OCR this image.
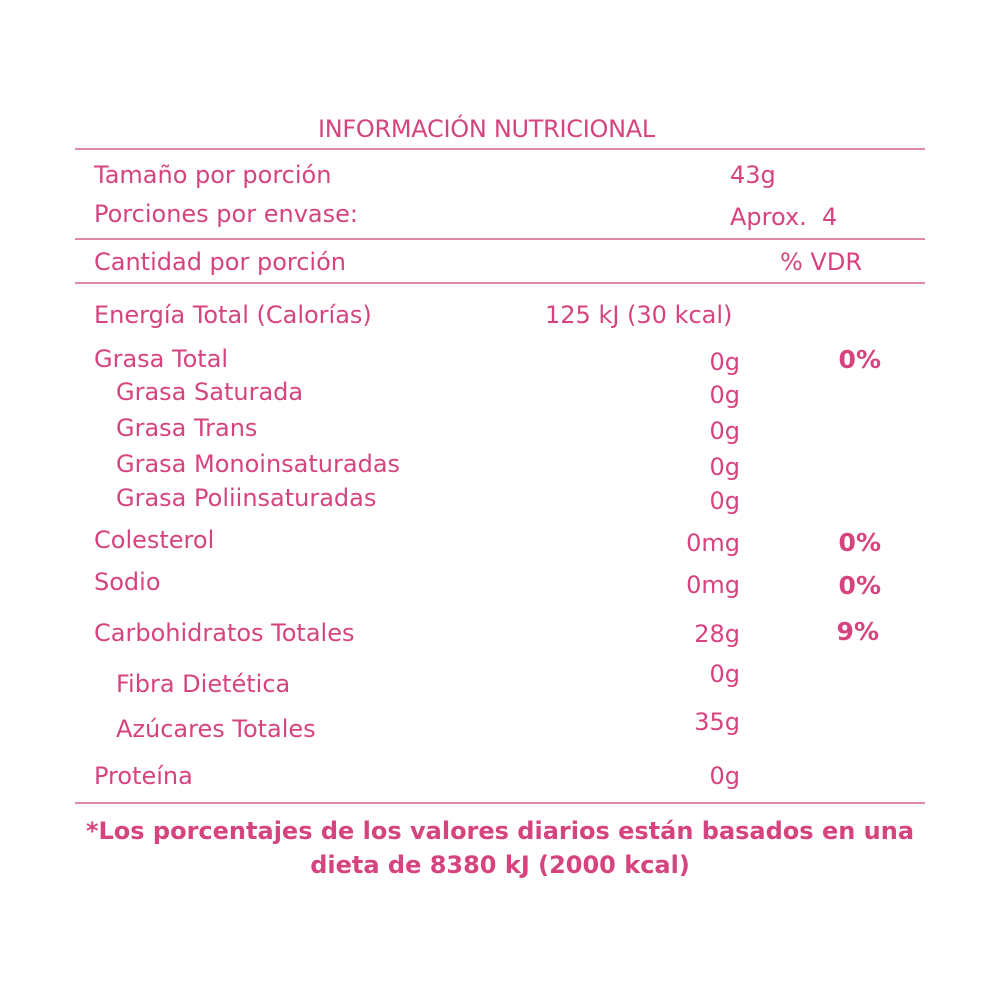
INFORMACIÓN NUTRICIONAL
Tamaño por porción	43g
Porciones por envase:	Aprox.  4
Cantidad por porción	% VDR
Energía Total (Calorías)	125 kJ (30 kcal)
Grasa Total	0g	0%
Grasa Saturada	0g
Grasa Trans	0g
Grasa Monoinsaturadas	0g
Grasa Poliinsaturadas	0g
Colesterol	0mg	0%
Sodio	0mg	0%
Carbohidratos Totales	28g	9%
Fibra Dietética	0g
Azúcares Totales	35g
Proteína	0g
*Los porcentajes de los valores diarios están basados en una
dieta de 8380 kJ (2000 kcal)
